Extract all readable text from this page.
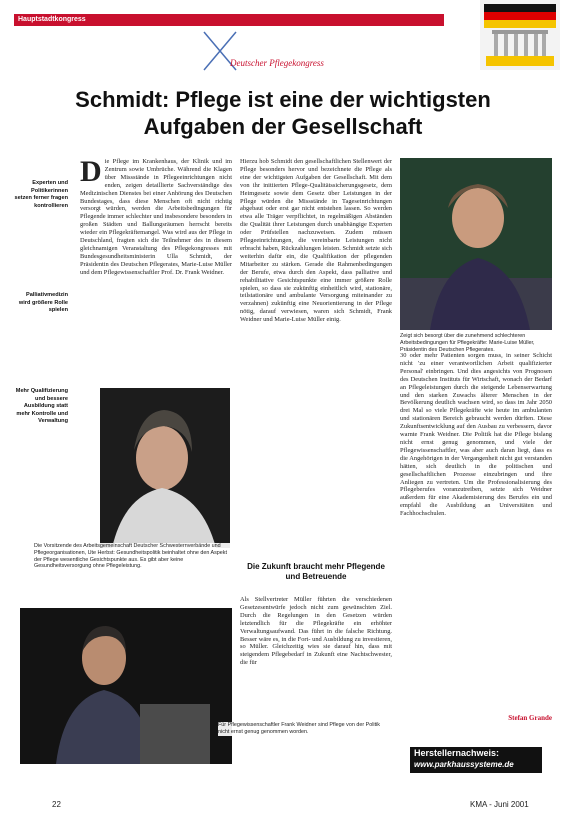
Hauptstadtkongress
Deutscher Pflegekongress
Schmidt: Pflege ist eine der wichtigsten
Aufgaben der Gesellschaft
Experten und Politikerinnen setzen ferner fragen kontrollieren
Palliativmedizin wird größere Rolle spielen
Mehr Qualifizierung und bessere Ausbildung statt mehr Kontrolle und Verwaltung
Die Pflege im Krankenhaus, der Klinik und im Zentrum sowie Umbrüche. Während die Klagen über Missstände in Pflegeeinrichtungen nicht enden, zeigen detaillierte Sachverständige des Medizinischen Dienstes bei einer Anhörung des Deutschen Bundestages, dass diese Menschen oft nicht richtig versorgt würden, werden die Arbeitsbedingungen für Pflegende immer schlechter und insbesondere besonders in großen Städten und Ballungsräumen herrscht bereits wieder ein Pflegekräftemangel. Was wird aus der Pflege in Deutschland, fragten sich die Teilnehmer des in diesem gleichnamigen Veranstaltung des Pflegekongresses mit Bundesgesundheitsministerin Ulla Schmidt, der Präsidentin des Deutschen Pflegerates, Marie-Luise Müller und dem Pflegewissenschaftler Prof. Dr. Frank Weidner.
Hierzu hob Schmidt den gesellschaftlichen Stellenwert der Pflege besonders hervor und bezeichnete die Pflege als eine der wichtigsten Aufgaben der Gesellschaft. Mit dem von ihr initiierten Pflege-Qualitätssicherungsgesetz, dem Heimgesetz sowie dem Gesetz über Leistungen in der Pflege würden die Missstände in Tageseinrichtungen abgebaut oder erst gar nicht entstehen lassen. So werden etwa alle Träger verpflichtet, in regelmäßigen Abständen die Qualität ihrer Leistungen durch unabhängige Experten oder Prüfstellen nachzuweisen. Zudem müssen Pflegeeinrichtungen, die vereinbarte Leistungen nicht erbracht haben, Rückzahlungen leisten. Schmidt setzte sich weiterhin dafür ein, die Qualifikation der pflegenden Mitarbeiter zu stärken. Gerade die Rahmenbedingungen der Berufe, etwa durch den Aspekt, dass palliative und rehabilitative Gesichtspunkte eine immer größere Rolle spielen, so dass sie zukünftig einheitlich wird, stationäre, teilstationäre und ambulante Versorgung miteinander zu verzahnen) zukünftig eine Neuorientierung in der Pflege nötig, darauf verwiesen, waren sich Schmidt, Frank Weidner und Marie-Luise Müller einig.
Zeigt sich besorgt über die zunehmend schlechteren Arbeitsbedingungen für Pflegekräfte: Marie-Luise Müller, Präsidentin des Deutschen Pflegerates.
Die Vorsitzende des Arbeitsgemeinschaft Deutscher Schwesternverbände und Pflegeorganisationen, Ute Herbst: Gesundheitspolitik beinhaltet ohne den Aspekt der Pflege wesentliche Gesichtspunkte aus. Es gibt aber keine Gesundheitsversorgung ohne Pflegeleistung.	Die Zukunft braucht mehr Pflegende und Betreuende
Als Stellvertreter Müller führten die verschiedenen Gesetzesentwürfe jedoch nicht zum gewünschten Ziel. Durch die Regelungen in den Gesetzen würden letztendlich für die Pflegekräfte ein erhöhter Verwaltungsaufwand. Das führt in die falsche Richtung. Besser wäre es, in die Fort- und Ausbildung zu investieren, so Müller. Gleichzeitig wies sie darauf hin, dass mit steigendem Pflegebedarf in Zukunft eine Nachtschwester, die für
Für Pflegewissenschaftler Frank Weidner sind Pflege von der Politik nicht ernst genug genommen worden.
30 oder mehr Patienten sorgen muss, in seiner Schicht nicht 'zu einer verantwortlichen Arbeit qualifizierter Personal' einbringen. Und dies angesichts von Prognosen des Deutschen Instituts für Wirtschaft, wonach der Bedarf an Pflegeleistungen durch die steigende Lebenserwartung und den starken Zuwachs älterer Menschen in der Bevölkerung deutlich wachsen wird, so dass im Jahr 2050 drei Mal so viele Pflegekräfte wie heute im ambulanten und stationären Bereich gebraucht werden dürften. Diese Zukunftsentwicklung auf den Ausbau zu verbessern, davor warnte Frank Weidner. Die Politik hat die Pflege bislang nicht ernst genug genommen, und viele der Pflegewissenschaftler, was aber auch daran liegt, dass es die Angehörigen in der Vergangenheit nicht gut verstanden hätten, sich deutlich in die politischen und gesellschaftlichen Prozesse einzubringen und ihre Anliegen zu vertreten. Um die Professionalisierung des Pflegeberufes voranzutreiben, setzte sich Weidner außerdem für eine Akademisierung des Berufes ein und empfahl die Ausbildung an Universitäten und Fachhochschulen.
Stefan Grande
Herstellernachweis:
www.parkhaussysteme.de
22	KMA - Juni 2001
